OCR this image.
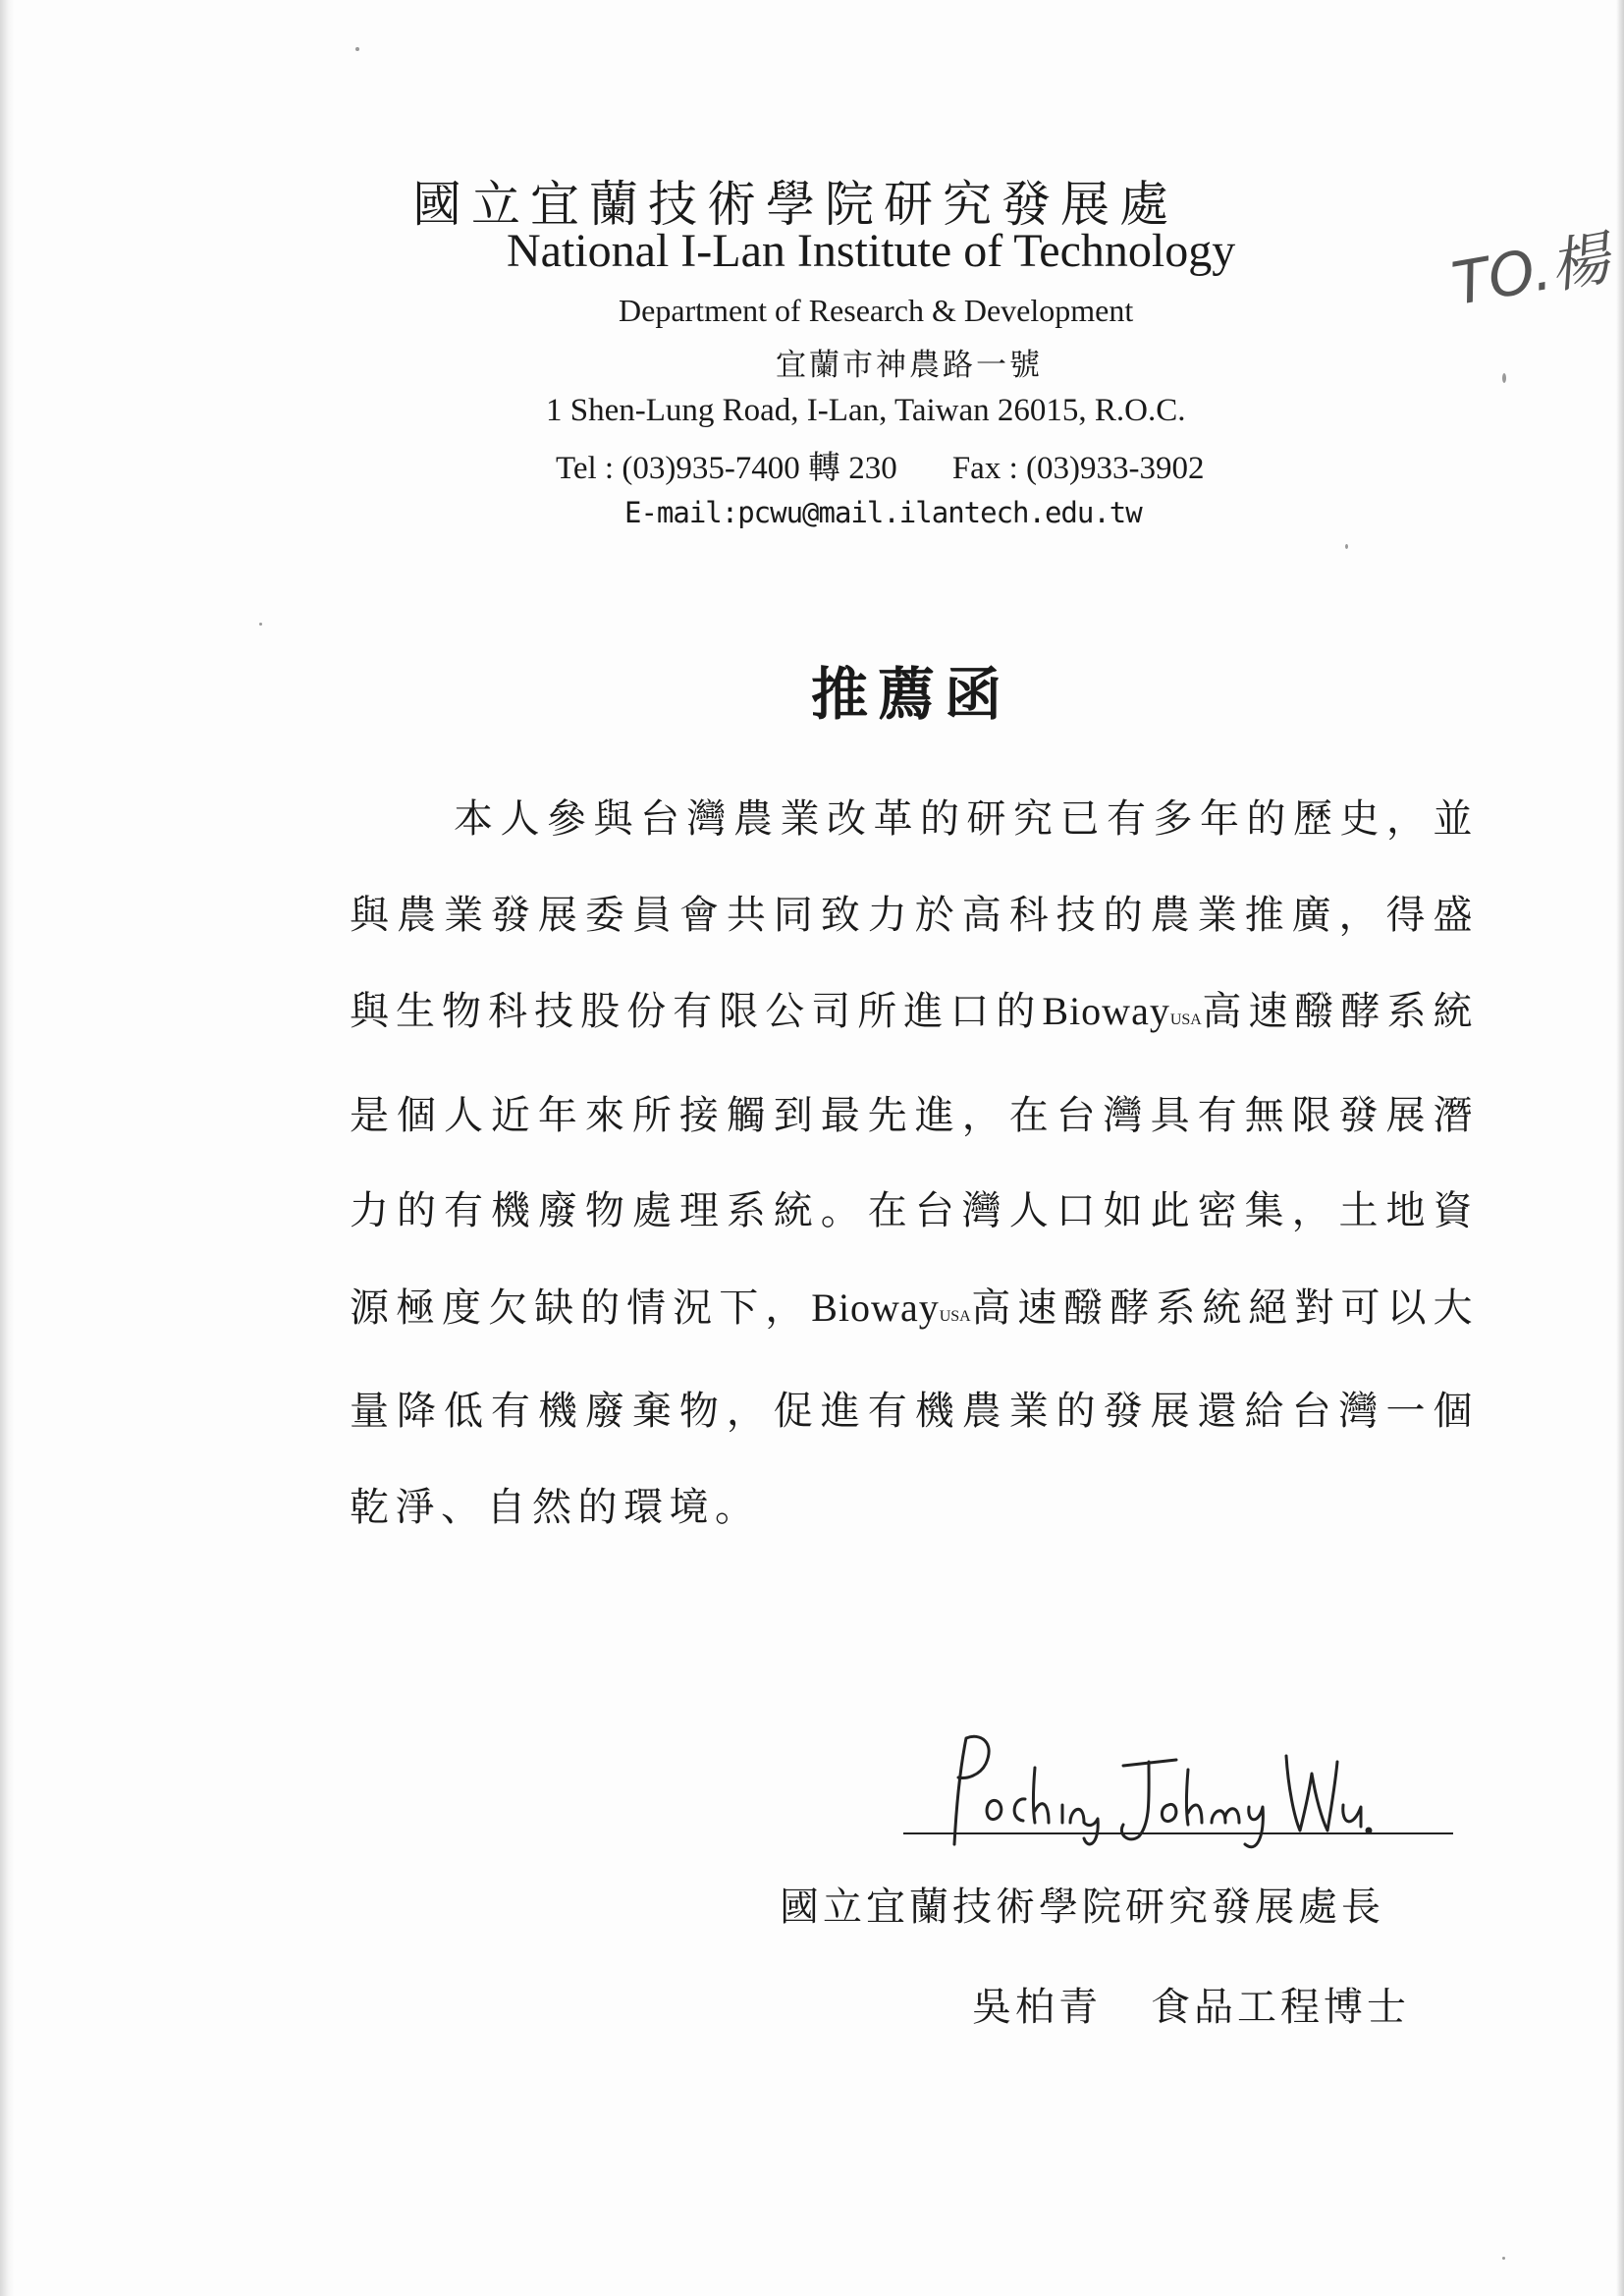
國立宜蘭技術學院研究發展處
National I-Lan Institute of Technology
Department of Research & Development
宜蘭市神農路一號
1 Shen-Lung Road, I-Lan, Taiwan 26015, R.O.C.
Tel : (03)935-7400 轉 230 Fax : (03)933-3902
E-mail:pcwu@mail.ilantech.edu.tw
TO.楊
推薦函

本人參與台灣農業改革的研究已有多年的歷史，並與農業發展委員會共同致力於高科技的農業推廣，得盛與生物科技股份有限公司所進口的BiowayUSA高速醱酵系統是個人近年來所接觸到最先進，在台灣具有無限發展潛力的有機廢物處理系統。在台灣人口如此密集，土地資源極度欠缺的情況下，BiowayUSA高速醱酵系統絕對可以大量降低有機廢棄物，促進有機農業的發展還給台灣一個乾淨、自然的環境。

國立宜蘭技術學院研究發展處長
吳柏青 食品工程博士
